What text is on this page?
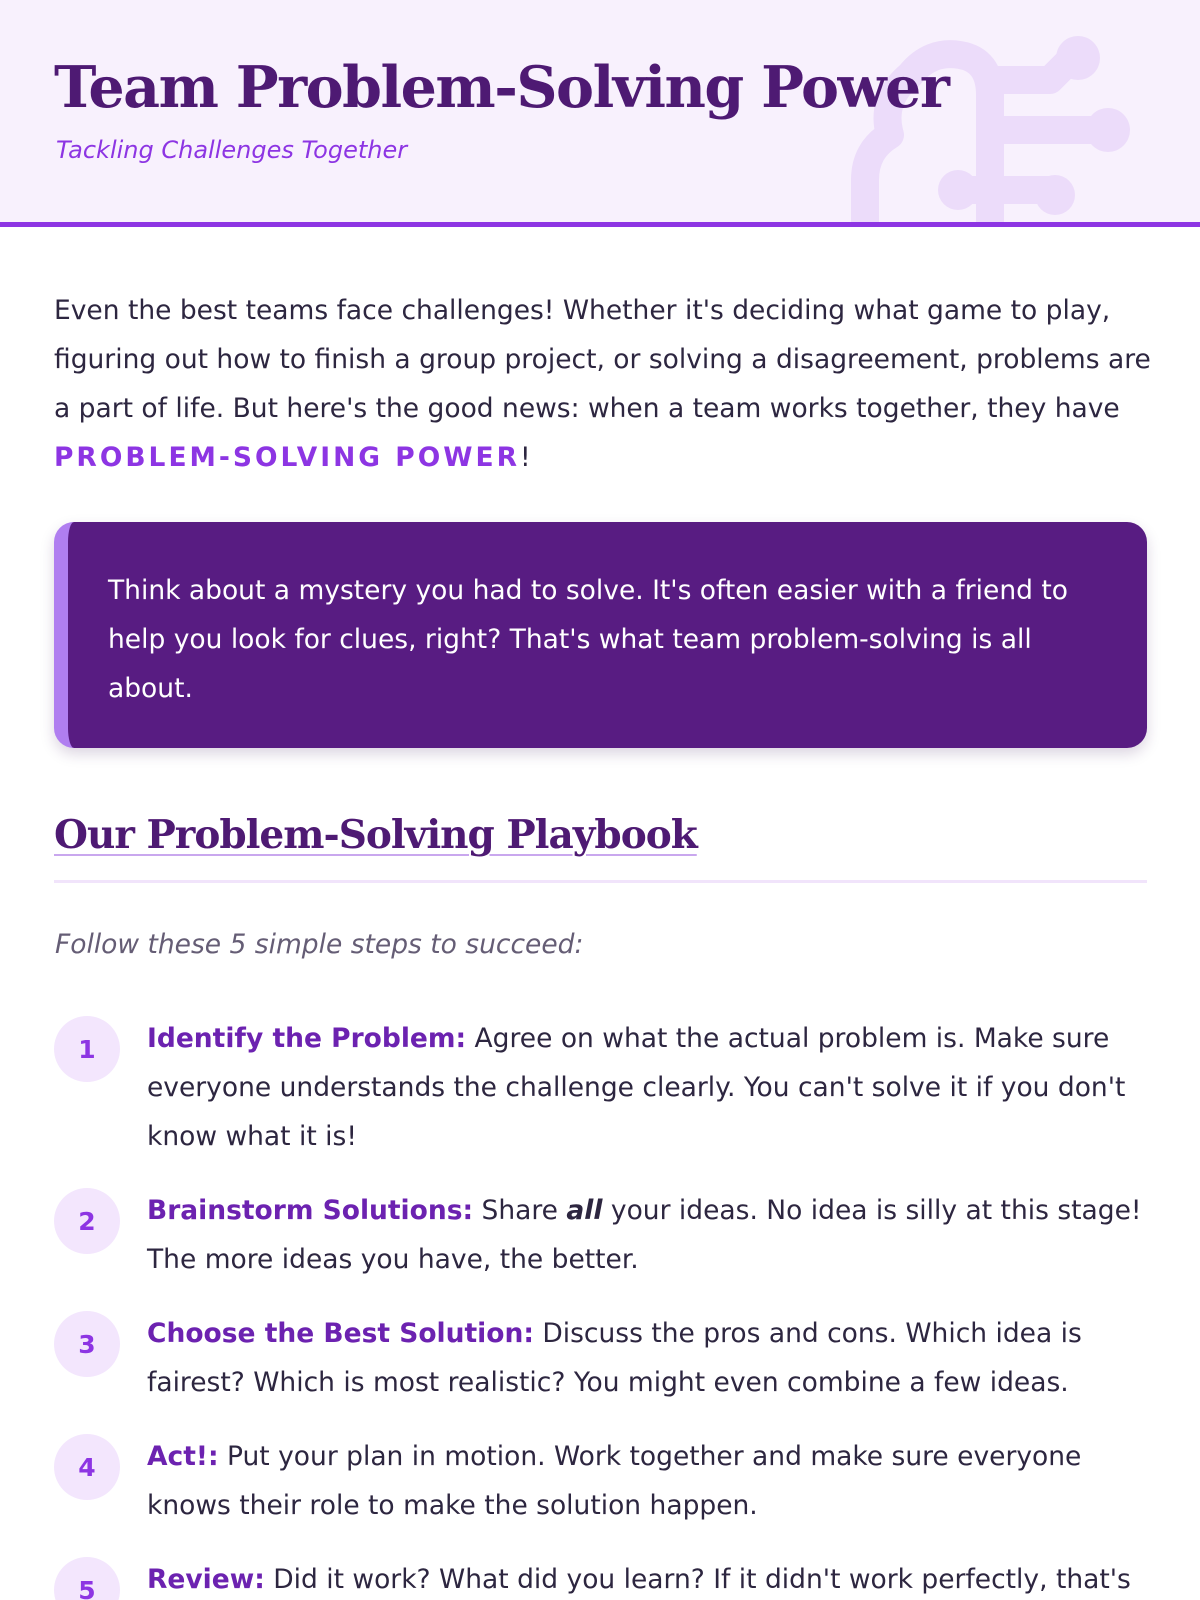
Team Problem-Solving Power
Tackling Challenges Together

Even the best teams face challenges! Whether it's deciding what game to play, figuring out how to finish a group project, or solving a disagreement, problems are a part of life. But here's the good news: when a team works together, they have PROBLEM-SOLVING POWER!

Think about a mystery you had to solve. It's often easier with a friend to help you look for clues, right? That's what team problem-solving is all about.

Our Problem-Solving Playbook

Follow these 5 simple steps to succeed:

1	Identify the Problem: Agree on what the actual problem is. Make sure everyone understands the challenge clearly. You can't solve it if you don't know what it is!
2	Brainstorm Solutions: Share all your ideas. No idea is silly at this stage! The more ideas you have, the better.
3	Choose the Best Solution: Discuss the pros and cons. Which idea is fairest? Which is most realistic? You might even combine a few ideas.
4	Act!: Put your plan in motion. Work together and make sure everyone knows their role to make the solution happen.
5	Review: Did it work? What did you learn? If it didn't work perfectly, that's
